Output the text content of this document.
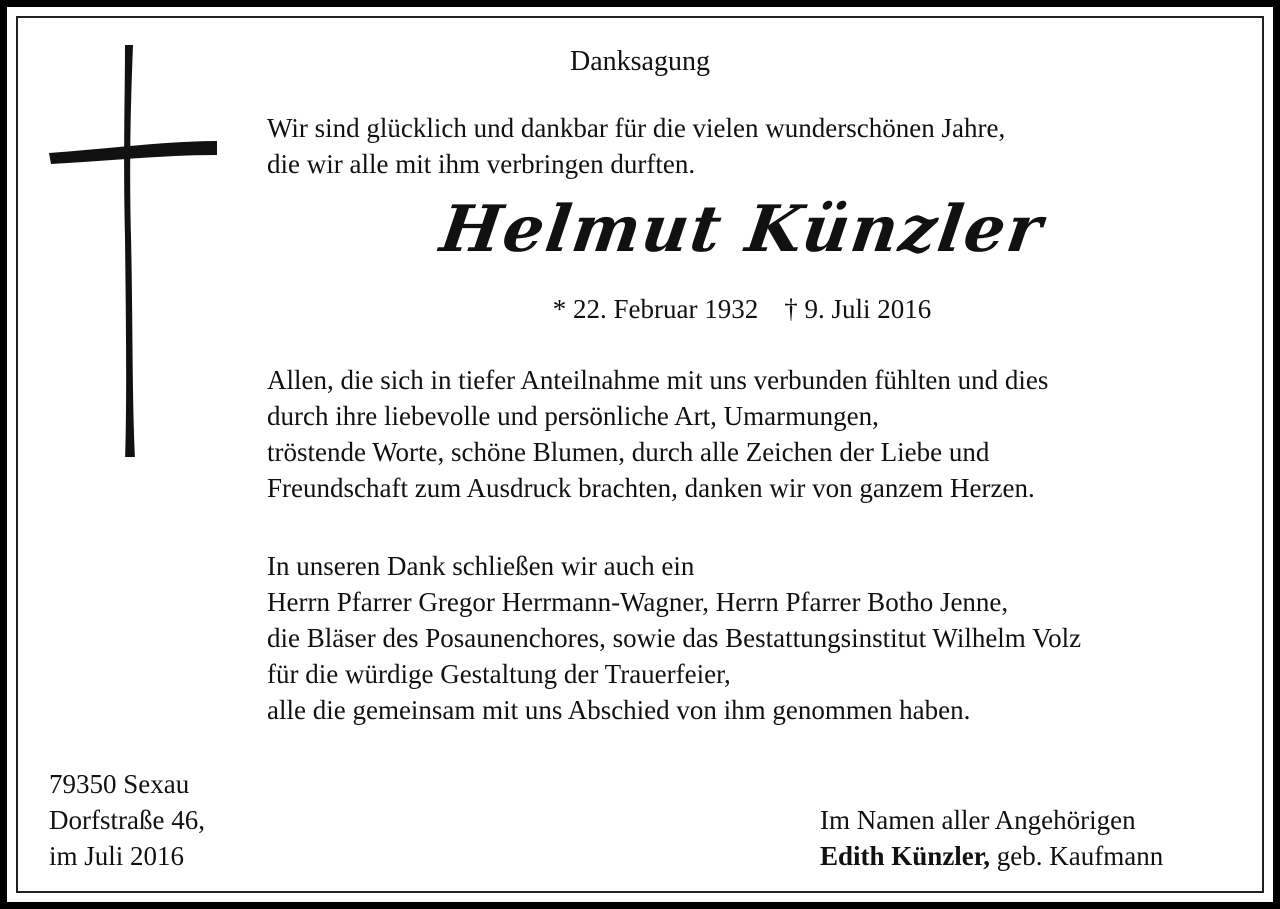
Danksagung
Wir sind glücklich und dankbar für die vielen wunderschönen Jahre,
die wir alle mit ihm verbringen durften.
Helmut Künzler
* 22. Februar 1932 † 9. Juli 2016
Allen, die sich in tiefer Anteilnahme mit uns verbunden fühlten und dies
durch ihre liebevolle und persönliche Art, Umarmungen,
tröstende Worte, schöne Blumen, durch alle Zeichen der Liebe und
Freundschaft zum Ausdruck brachten, danken wir von ganzem Herzen.
In unseren Dank schließen wir auch ein
Herrn Pfarrer Gregor Herrmann-Wagner, Herrn Pfarrer Botho Jenne,
die Bläser des Posaunenchores, sowie das Bestattungsinstitut Wilhelm Volz
für die würdige Gestaltung der Trauerfeier,
alle die gemeinsam mit uns Abschied von ihm genommen haben.
79350 Sexau
Dorfstraße 46,
im Juli 2016
Im Namen aller Angehörigen
Edith Künzler, geb. Kaufmann
